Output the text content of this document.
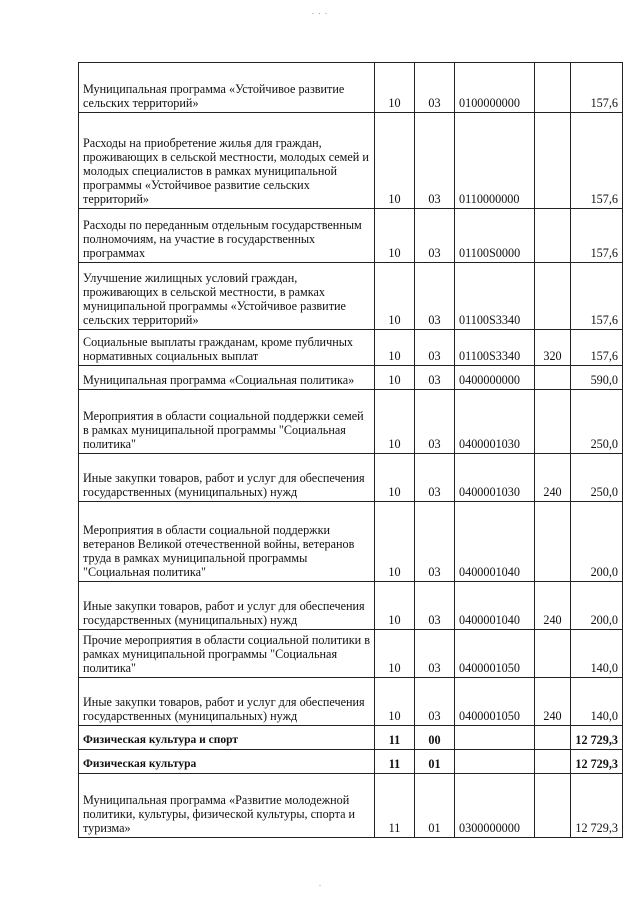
. . .
Муниципальная программа «Устойчивое развитие сельских территорий»	10	03	0100000000		157,6
Расходы на приобретение жилья для граждан, проживающих в сельской местности, молодых семей и молодых специалистов в рамках муниципальной программы «Устойчивое развитие сельских территорий»	10	03	0110000000		157,6
Расходы по переданным отдельным государственным полномочиям, на участие в государственных программах	10	03	01100S0000		157,6
Улучшение жилищных условий граждан, проживающих в сельской местности, в рамках муниципальной программы «Устойчивое развитие сельских территорий»	10	03	01100S3340		157,6
Социальные выплаты гражданам, кроме публичных нормативных социальных выплат	10	03	01100S3340	320	157,6
Муниципальная программа «Социальная политика»	10	03	0400000000		590,0
Мероприятия в области социальной поддержки семей в рамках муниципальной программы "Социальная политика"	10	03	0400001030		250,0
Иные закупки товаров, работ и услуг для обеспечения государственных (муниципальных) нужд	10	03	0400001030	240	250,0
Мероприятия в области социальной поддержки ветеранов Великой отечественной войны, ветеранов труда в рамках муниципальной программы "Социальная политика"	10	03	0400001040		200,0
Иные закупки товаров, работ и услуг для обеспечения государственных (муниципальных) нужд	10	03	0400001040	240	200,0
Прочие мероприятия в области социальной политики в рамках муниципальной программы "Социальная политика"	10	03	0400001050		140,0
Иные закупки товаров, работ и услуг для обеспечения государственных (муниципальных) нужд	10	03	0400001050	240	140,0
Физическая культура и спорт	11	00			12 729,3
Физическая культура	11	01			12 729,3
Муниципальная программа «Развитие молодежной политики, культуры, физической культуры, спорта и туризма»	11	01	0300000000		12 729,3
.
